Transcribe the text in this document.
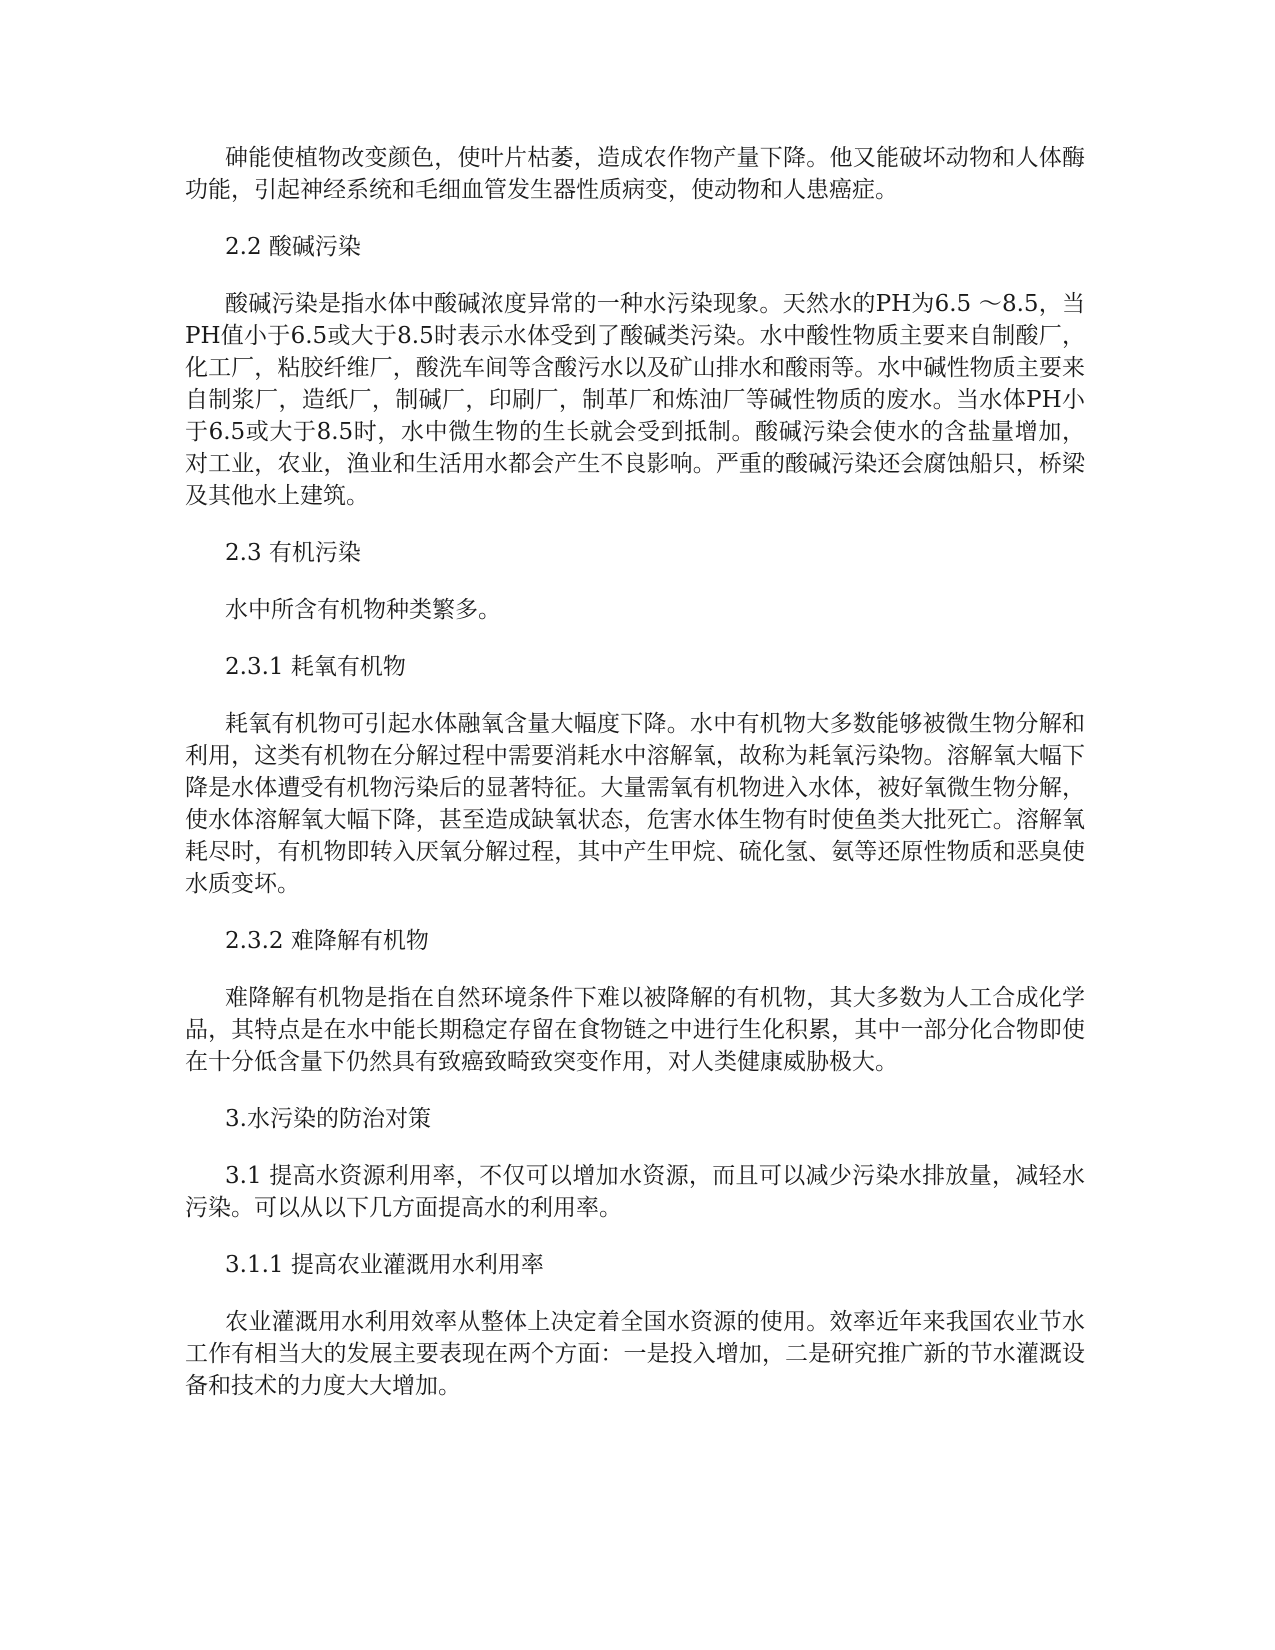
砷能使植物改变颜色，使叶片枯萎，造成农作物产量下降。他又能破坏动物和人体酶功能，引起神经系统和毛细血管发生器性质病变，使动物和人患癌症。

2.2 酸碱污染

酸碱污染是指水体中酸碱浓度异常的一种水污染现象。天然水的PH为6.5 ～8.5，当PH值小于6.5或大于8.5时表示水体受到了酸碱类污染。水中酸性物质主要来自制酸厂，化工厂，粘胶纤维厂，酸洗车间等含酸污水以及矿山排水和酸雨等。水中碱性物质主要来自制浆厂，造纸厂，制碱厂，印刷厂，制革厂和炼油厂等碱性物质的废水。当水体PH小于6.5或大于8.5时，水中微生物的生长就会受到抵制。酸碱污染会使水的含盐量增加，对工业，农业，渔业和生活用水都会产生不良影响。严重的酸碱污染还会腐蚀船只，桥梁及其他水上建筑。

2.3 有机污染

水中所含有机物种类繁多。

2.3.1 耗氧有机物

耗氧有机物可引起水体融氧含量大幅度下降。水中有机物大多数能够被微生物分解和利用，这类有机物在分解过程中需要消耗水中溶解氧，故称为耗氧污染物。溶解氧大幅下降是水体遭受有机物污染后的显著特征。大量需氧有机物进入水体，被好氧微生物分解，使水体溶解氧大幅下降，甚至造成缺氧状态，危害水体生物有时使鱼类大批死亡。溶解氧耗尽时，有机物即转入厌氧分解过程，其中产生甲烷、硫化氢、氨等还原性物质和恶臭使水质变坏。

2.3.2 难降解有机物

难降解有机物是指在自然环境条件下难以被降解的有机物，其大多数为人工合成化学品，其特点是在水中能长期稳定存留在食物链之中进行生化积累，其中一部分化合物即使在十分低含量下仍然具有致癌致畸致突变作用，对人类健康威胁极大。

3.水污染的防治对策

3.1 提高水资源利用率，不仅可以增加水资源，而且可以减少污染水排放量，减轻水污染。可以从以下几方面提高水的利用率。

3.1.1 提高农业灌溉用水利用率

农业灌溉用水利用效率从整体上决定着全国水资源的使用。效率近年来我国农业节水工作有相当大的发展主要表现在两个方面：一是投入增加，二是研究推广新的节水灌溉设备和技术的力度大大增加。
